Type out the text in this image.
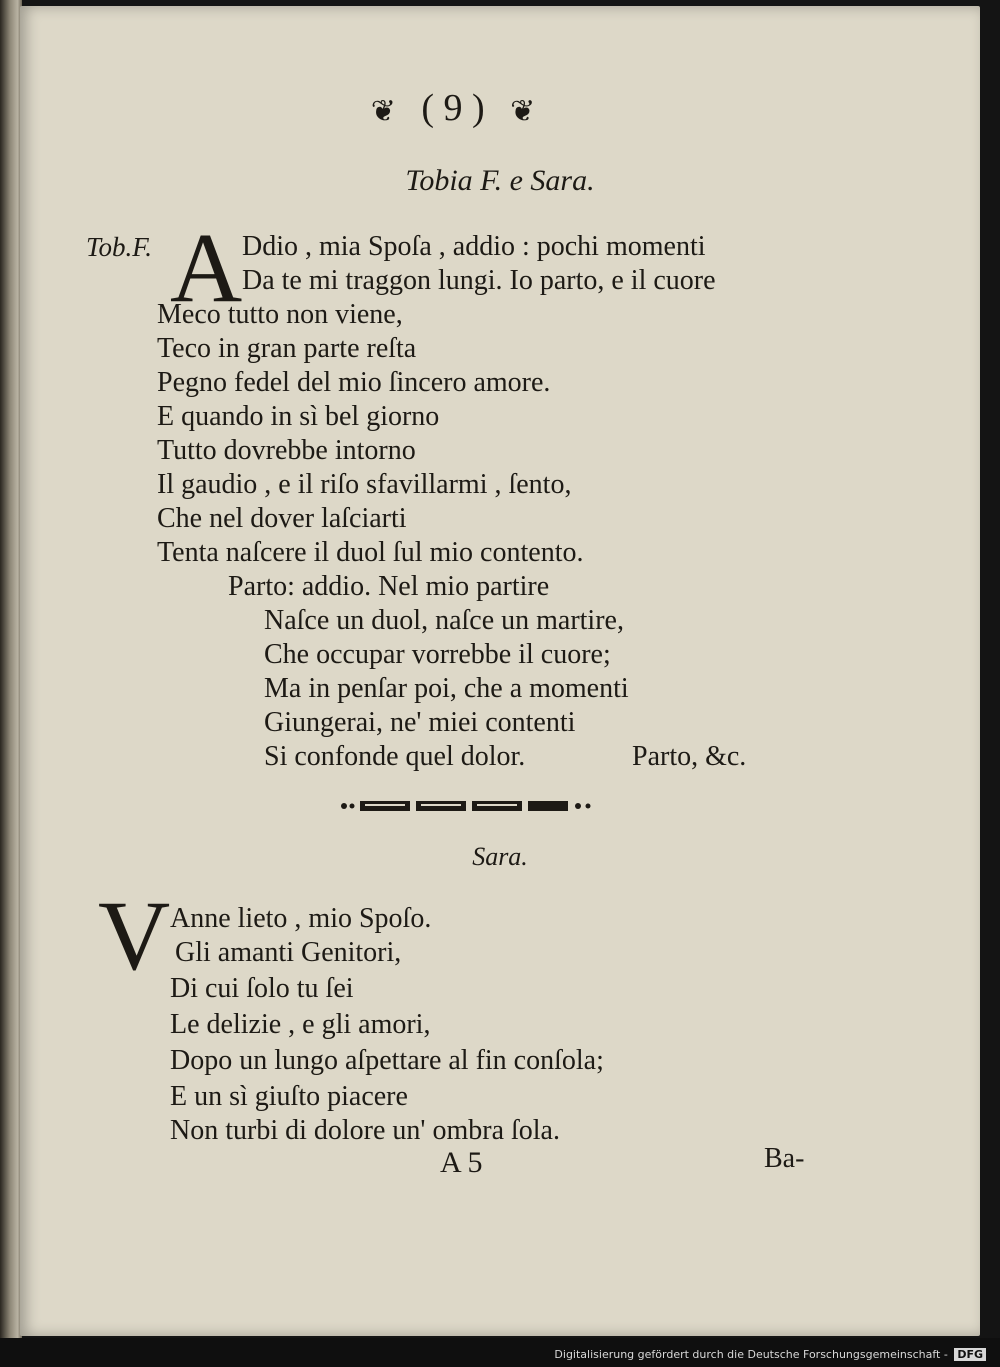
❦ ( 9 ) ❦
Tobia F. e Sara.
Tob.F. A Ddio , mia Spoſa , addio : pochi momenti
Da te mi traggon lungi. Io parto, e il cuore
Meco tutto non viene,
Teco in gran parte reſta
Pegno fedel del mio ſincero amore.
E quando in sì bel giorno
Tutto dovrebbe intorno
Il gaudio , e il riſo sfavillarmi , ſento,
Che nel dover laſciarti
Tenta naſcere il duol ſul mio contento.
Parto: addio. Nel mio partire
Naſce un duol, naſce un martire,
Che occupar vorrebbe il cuore;
Ma in penſar poi, che a momenti
Giungerai, ne' miei contenti
Si confonde quel dolor.	Parto, &c.
Sara.
V Anne lieto , mio Spoſo.
Gli amanti Genitori,
Di cui ſolo tu ſei
Le delizie , e gli amori,
Dopo un lungo aſpettare al fin conſola;
E un sì giuſto piacere
Non turbi di dolore un' ombra ſola.
A 5	Ba-
Digitalisierung gefördert durch die Deutsche Forschungsgemeinschaft - DFG
